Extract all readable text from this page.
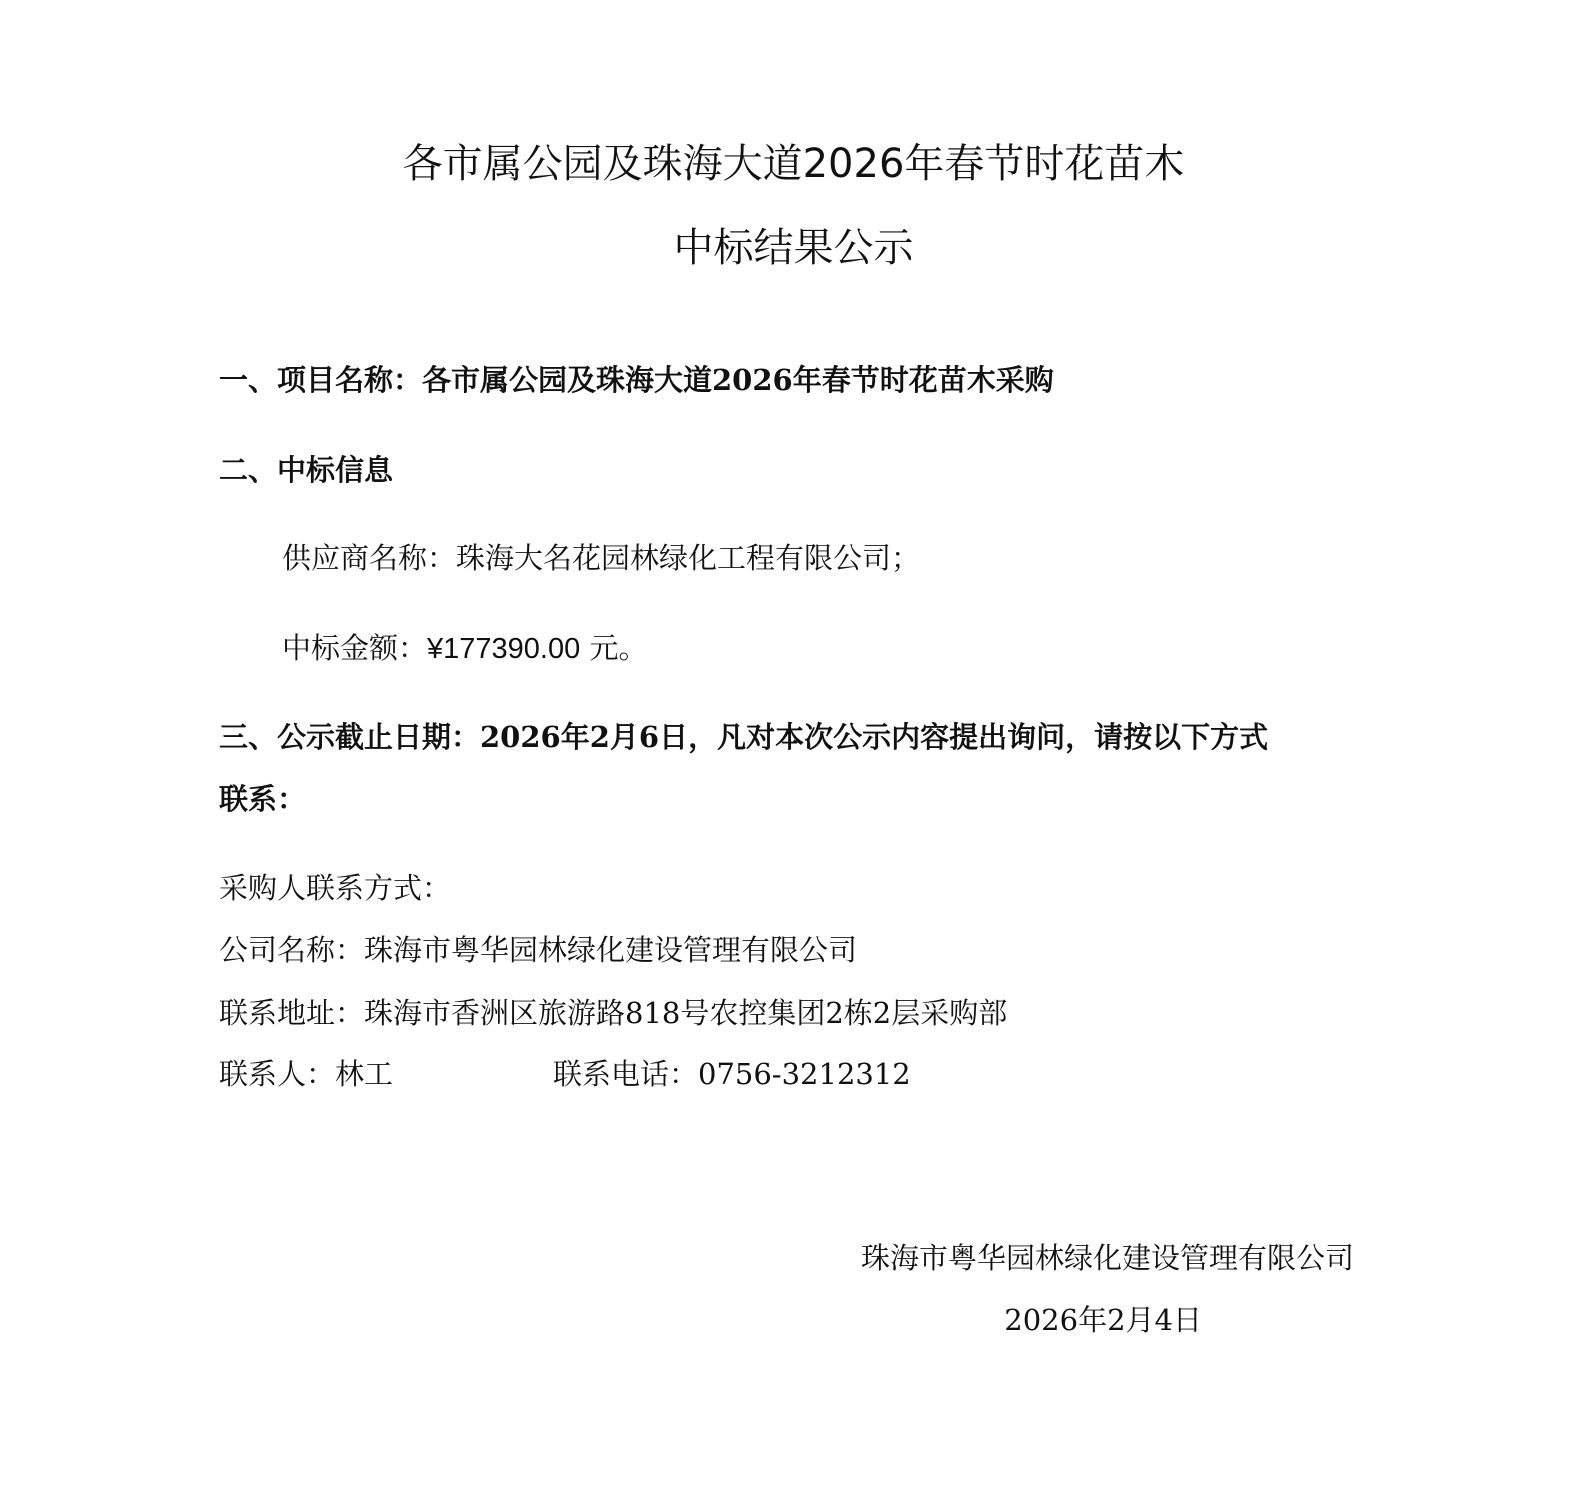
各市属公园及珠海大道2026年春节时花苗木
中标结果公示
一、项目名称：各市属公园及珠海大道2026年春节时花苗木采购
二、中标信息
供应商名称：珠海大名花园林绿化工程有限公司；
中标金额：¥177390.00 元。
三、公示截止日期：2026年2月6日，凡对本次公示内容提出询问，请按以下方式
联系：
采购人联系方式：
公司名称：珠海市粤华园林绿化建设管理有限公司
联系地址：珠海市香洲区旅游路818号农控集团2栋2层采购部
联系人：林工	联系电话：0756-3212312
珠海市粤华园林绿化建设管理有限公司
2026年2月4日
